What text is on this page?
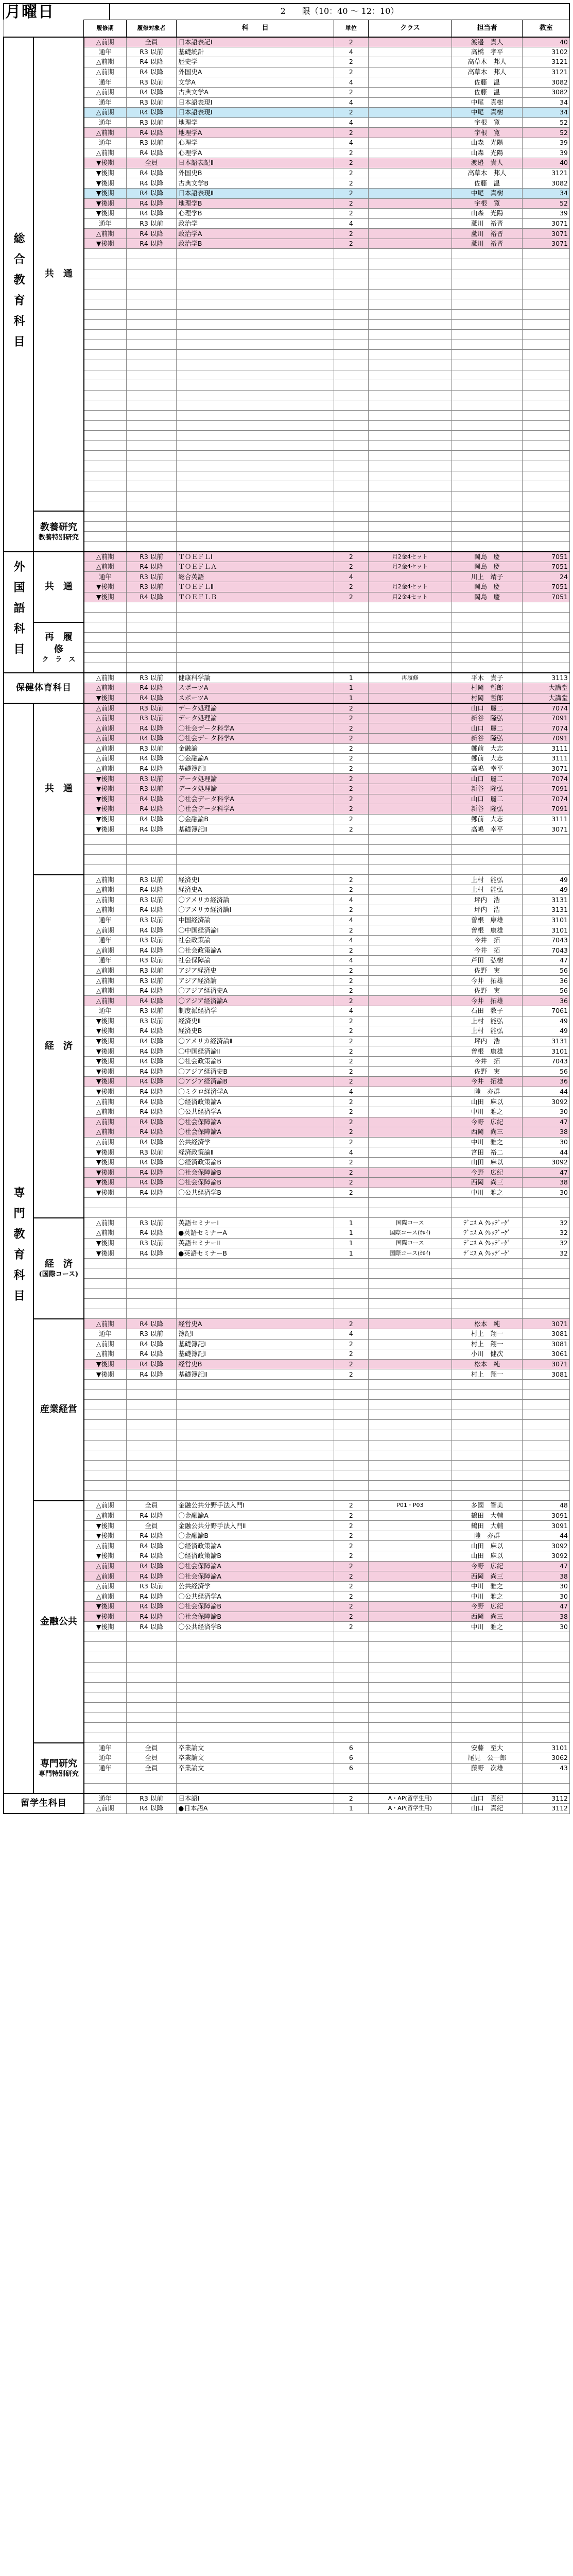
月曜日	2　　限（10：40 ～ 12：10）
		履修期	履修対象者	科　　目	単位	クラス	担当者	教室
総合教育科目	共　通	△前期	全員	日本語表記Ⅰ	2		渡邉　貴人	40
		通年	R3 以前	基礎統計	4		高橋　孝平	3102
		△前期	R4 以降	歴史学	2		高草木　邦人	3121
		△前期	R4 以降	外国史A	2		高草木　邦人	3121
		通年	R3 以前	文学A	4		佐藤　温	3082
		△前期	R4 以降	古典文学A	2		佐藤　温	3082
		通年	R3 以前	日本語表現Ⅰ	4		中尾　真樹	34
		△前期	R4 以降	日本語表現Ⅰ	2		中尾　真樹	34
		通年	R3 以前	地理学	4		宇根　寛	52
		△前期	R4 以降	地理学A	2		宇根　寛	52
		通年	R3 以前	心理学	4		山森　光陽	39
		△前期	R4 以降	心理学A	2		山森　光陽	39
		▼後期	全員	日本語表記Ⅱ	2		渡邉　貴人	40
		▼後期	R4 以降	外国史B	2		高草木　邦人	3121
		▼後期	R4 以降	古典文学B	2		佐藤　温	3082
		▼後期	R4 以降	日本語表現Ⅱ	2		中尾　真樹	34
		▼後期	R4 以降	地理学B	2		宇根　寛	52
		▼後期	R4 以降	心理学B	2		山森　光陽	39
		通年	R3 以前	政治学	4		蘆川　裕晋	3071
		△前期	R4 以降	政治学A	2		蘆川　裕晋	3071
		▼後期	R4 以降	政治学B	2		蘆川　裕晋	3071

	教養研究
教養特別研究							

外国語科目	共　通	△前期	R3 以前	ＴＯＥＦＬⅠ	2	月2金4セット	岡島　慶	7051
		△前期	R4 以降	ＴＯＥＦＬＡ	2	月2金4セット	岡島　慶	7051
		通年	R3 以前	総合英語	4		川上　靖子	24
		▼後期	R3 以前	ＴＯＥＦＬⅡ	2	月2金4セット	岡島　慶	7051
		▼後期	R4 以降	ＴＯＥＦＬＢ	2	月2金4セット	岡島　慶	7051

	再　履　修
ク　ラ　ス							

保健体育科目		△前期	R3 以前	健康科学論	1	再履修	平木　貴子	3113
		△前期	R4 以降	スポーツA	1		村岡　哲郎	大講堂
		▼後期	R4 以降	スポーツA	1		村岡　哲郎	大講堂
専門教育科目	共　通	△前期	R3 以前	データ処理論	2		山口　麗二	7074
		△前期	R3 以前	データ処理論	2		新谷　隆弘	7091
		△前期	R4 以降	〇社会データ科学A	2		山口　麗二	7074
		△前期	R4 以降	〇社会データ科学A	2		新谷　隆弘	7091
		△前期	R3 以前	金融論	2		鄭前　大志	3111
		△前期	R4 以降	〇金融論A	2		鄭前　大志	3111
		△前期	R4 以降	基礎簿記Ⅰ	2		高嶋　幸平	3071
		▼後期	R3 以前	データ処理論	2		山口　麗二	7074
		▼後期	R3 以前	データ処理論	2		新谷　隆弘	7091
		▼後期	R4 以降	〇社会データ科学A	2		山口　麗二	7074
		▼後期	R4 以降	〇社会データ科学A	2		新谷　隆弘	7091
		▼後期	R4 以降	〇金融論B	2		鄭前　大志	3111
		▼後期	R4 以降	基礎簿記Ⅱ	2		高嶋　幸平	3071

	経　済	△前期	R3 以前	経済史Ⅰ	2		上村　能弘	49
		△前期	R4 以降	経済史A	2		上村　能弘	49
		△前期	R3 以前	〇アメリカ経済論	4		坪内　浩	3131
		△前期	R4 以降	〇アメリカ経済論Ⅰ	2		坪内　浩	3131
		通年	R3 以前	中国経済論	4		曽根　康雄	3101
		△前期	R4 以降	〇中国経済論Ⅰ	2		曽根　康雄	3101
		通年	R3 以前	社会政策論	4		今井　拓	7043
		△前期	R4 以降	〇社会政策論A	2		今井　拓	7043
		通年	R3 以前	社会保障論	4		芦田　弘樹	47
		△前期	R3 以前	アジア経済史	2		佐野　実	56
		△前期	R3 以前	アジア経済論	2		今井　拓雄	36
		△前期	R4 以降	〇アジア経済史A	2		佐野　実	56
		△前期	R4 以降	〇アジア経済論A	2		今井　拓雄	36
		通年	R3 以前	制度派経済学	4		石田　教子	7061
		▼後期	R3 以前	経済史Ⅱ	2		上村　能弘	49
		▼後期	R4 以降	経済史B	2		上村　能弘	49
		▼後期	R4 以降	〇アメリカ経済論Ⅱ	2		坪内　浩	3131
		▼後期	R4 以降	〇中国経済論Ⅱ	2		曽根　康雄	3101
		▼後期	R4 以降	〇社会政策論B	2		今井　拓	7043
		▼後期	R4 以降	〇アジア経済史B	2		佐野　実	56
		▼後期	R4 以降	〇アジア経済論B	2		今井　拓雄	36
		▼後期	R4 以降	〇ミクロ経済学A	4		陸　亦群	44
		△前期	R4 以降	〇経済政策論A	2		山田　麻以	3092
		△前期	R4 以降	〇公共経済学A	2		中川　雅之	30
		△前期	R4 以降	〇社会保障論A	2		今野　広紀	47
		△前期	R4 以降	〇社会保障論A	2		西岡　尚三	38
		△前期	R4 以降	公共経済学	2		中川　雅之	30
		▼後期	R3 以前	経済政策論Ⅱ	4		宮田　裕二	44
		▼後期	R4 以降	〇経済政策論B	2		山田　麻以	3092
		▼後期	R4 以降	〇社会保障論B	2		今野　広紀	47
		▼後期	R4 以降	〇社会保障論B	2		西岡　尚三	38
		▼後期	R4 以降	〇公共経済学B	2		中川　雅之	30

	経　済
(国際コース)	△前期	R3 以前	英語セミナーⅠ	1	国際コース	ﾃﾞﾆｽ A ｸﾚｯﾃﾞｰｹﾞ	32
		△前期	R4 以降	●英語セミナーA	1	国際コース(ｶﾛｲ)	ﾃﾞﾆｽ A ｸﾚｯﾃﾞｰｹﾞ	32
		▼後期	R3 以前	英語セミナーⅡ	1	国際コース	ﾃﾞﾆｽ A ｸﾚｯﾃﾞｰｹﾞ	32
		▼後期	R4 以降	●英語セミナーB	1	国際コース(ｶﾛｲ)	ﾃﾞﾆｽ A ｸﾚｯﾃﾞｰｹﾞ	32

	産業経営	△前期	R4 以降	経営史A	2		松本　純	3071
		通年	R3 以前	簿記Ⅰ	4		村上　翔一	3081
		△前期	R4 以降	基礎簿記Ⅰ	2		村上　翔一	3081
		△前期	R4 以降	基礎簿記Ⅰ	2		小川　健次	3061
		▼後期	R4 以降	経営史B	2		松本　純	3071
		▼後期	R4 以降	基礎簿記Ⅱ	2		村上　翔一	3081

	金融公共	△前期	全員	金融公共分野手法入門Ⅰ	2	P01・P03	多國　智美	48
		△前期	R4 以降	〇金融論A	2		鶴田　大輔	3091
		▼後期	全員	金融公共分野手法入門Ⅱ	2		鶴田　大輔	3091
		▼後期	R4 以降	〇金融論B	2		陸　亦群	44
		△前期	R4 以降	〇経済政策論A	2		山田　麻以	3092
		▼後期	R4 以降	〇経済政策論B	2		山田　麻以	3092
		△前期	R4 以降	〇社会保障論A	2		今野　広紀	47
		△前期	R4 以降	〇社会保障論A	2		西岡　尚三	38
		△前期	R3 以前	公共経済学	2		中川　雅之	30
		△前期	R4 以降	〇公共経済学A	2		中川　雅之	30
		▼後期	R4 以降	〇社会保障論B	2		今野　広紀	47
		▼後期	R4 以降	〇社会保障論B	2		西岡　尚三	38
		▼後期	R4 以降	〇公共経済学B	2		中川　雅之	30

	専門研究
専門特別研究	通年	全員	卒業論文	6		安藤　至大	3101
		通年	全員	卒業論文	6		尾見　公一郎	3062
		通年	全員	卒業論文	6		藤野　次雄	43

留学生科目		通年	R3 以前	日本語Ⅰ	2	A・AP(留学生用)	山口　真紀	3112
		△前期	R4 以降	●日本語A	1	A・AP(留学生用)	山口　真紀	3112
